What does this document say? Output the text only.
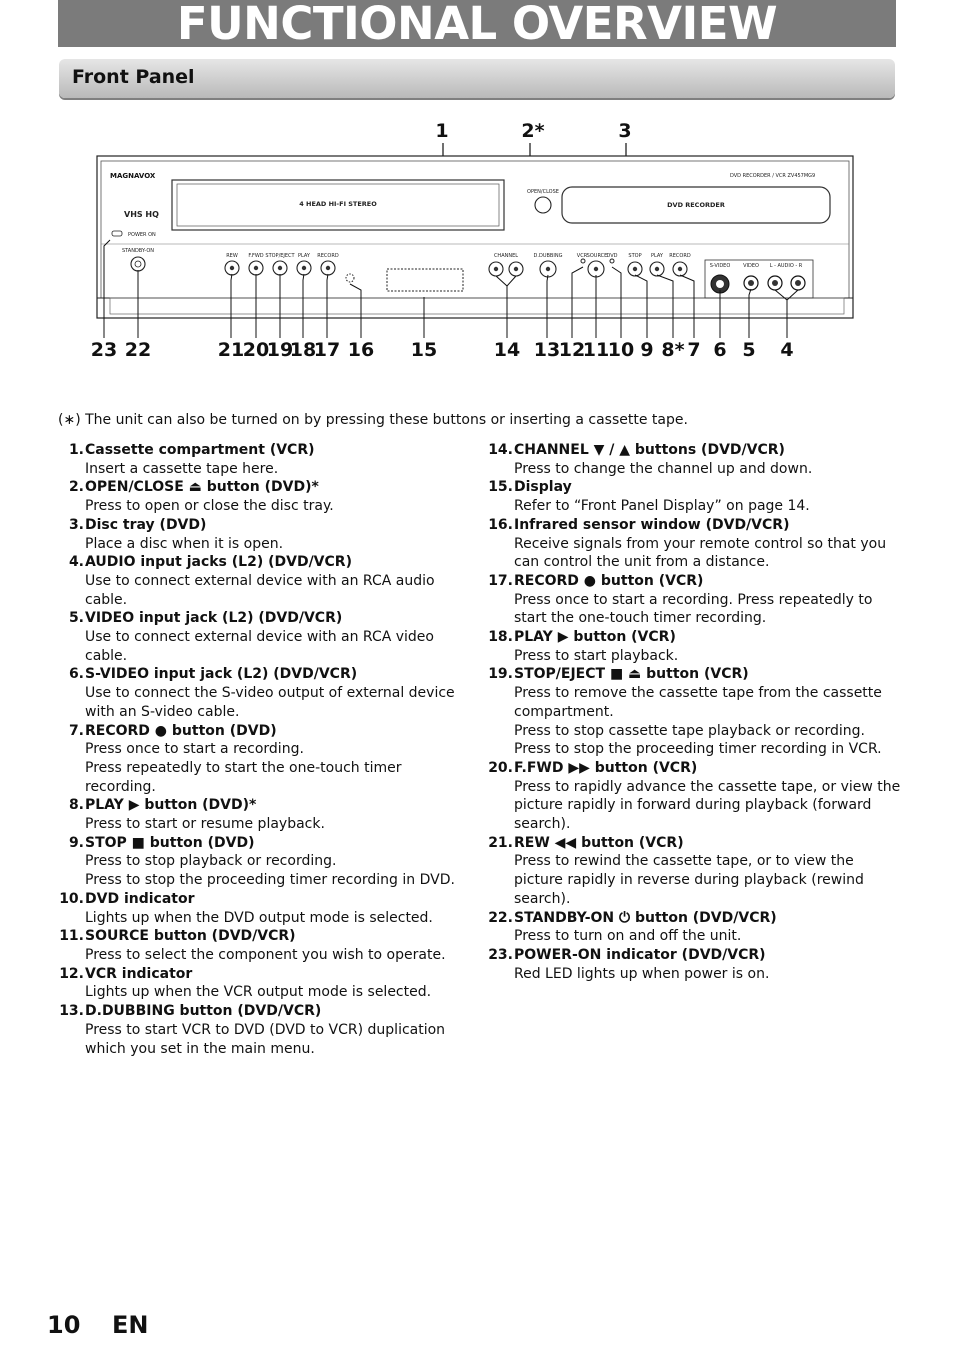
FUNCTIONAL OVERVIEW
Front Panel
1	2*	3
MAGNAVOX	DVD RECORDER / VCR ZV457MG9
4 HEAD HI-FI STEREO	DVD RECORDER
OPEN/CLOSE
VHS HQ
POWER ON
STANDBY-ON
REW F.FWD STOP/EJECT PLAY RECORD	CHANNEL	D.DUBBING	VCR SOURCE DVD STOP PLAY RECORD
S-VIDEO	VIDEO L - AUDIO - R
23 22	21
20
19
18
17 16 15	14 13
12
11
10 9 8* 7 6 5 4
(∗) The unit can also be turned on by pressing these buttons or inserting a cassette tape.
1. Cassette compartment (VCR)
Insert a cassette tape here.
2. OPEN/CLOSE ⏏ button (DVD)*
Press to open or close the disc tray.
3. Disc tray (DVD)
Place a disc when it is open.
4. AUDIO input jacks (L2) (DVD/VCR)
Use to connect external device with an RCA audio cable.
5. VIDEO input jack (L2) (DVD/VCR)
Use to connect external device with an RCA video cable.
6. S-VIDEO input jack (L2) (DVD/VCR)
Use to connect the S-video output of external device with an S-video cable.
7. RECORD ● button (DVD)
Press once to start a recording.
Press repeatedly to start the one-touch timer recording.
8. PLAY ▶ button (DVD)*
Press to start or resume playback.
9. STOP ■ button (DVD)
Press to stop playback or recording.
Press to stop the proceeding timer recording in DVD.
10. DVD indicator
Lights up when the DVD output mode is selected.
11. SOURCE button (DVD/VCR)
Press to select the component you wish to operate.
12. VCR indicator
Lights up when the VCR output mode is selected.
13. D.DUBBING button (DVD/VCR)
Press to start VCR to DVD (DVD to VCR) duplication which you set in the main menu.
14. CHANNEL ▼ / ▲ buttons (DVD/VCR)
Press to change the channel up and down.
15. Display
Refer to “Front Panel Display” on page 14.
16. Infrared sensor window (DVD/VCR)
Receive signals from your remote control so that you can control the unit from a distance.
17. RECORD ● button (VCR)
Press once to start a recording. Press repeatedly to start the one-touch timer recording.
18. PLAY ▶ button (VCR)
Press to start playback.
19. STOP/EJECT ■ ⏏ button (VCR)
Press to remove the cassette tape from the cassette compartment.
Press to stop cassette tape playback or recording.
Press to stop the proceeding timer recording in VCR.
20. F.FWD ▶▶ button (VCR)
Press to rapidly advance the cassette tape, or view the picture rapidly in forward during playback (forward search).
21. REW ◀◀ button (VCR)
Press to rewind the cassette tape, or to view the picture rapidly in reverse during playback (rewind search).
22. STANDBY-ON ⏻ button (DVD/VCR)
Press to turn on and off the unit.
23. POWER-ON indicator (DVD/VCR)
Red LED lights up when power is on.
10 EN
